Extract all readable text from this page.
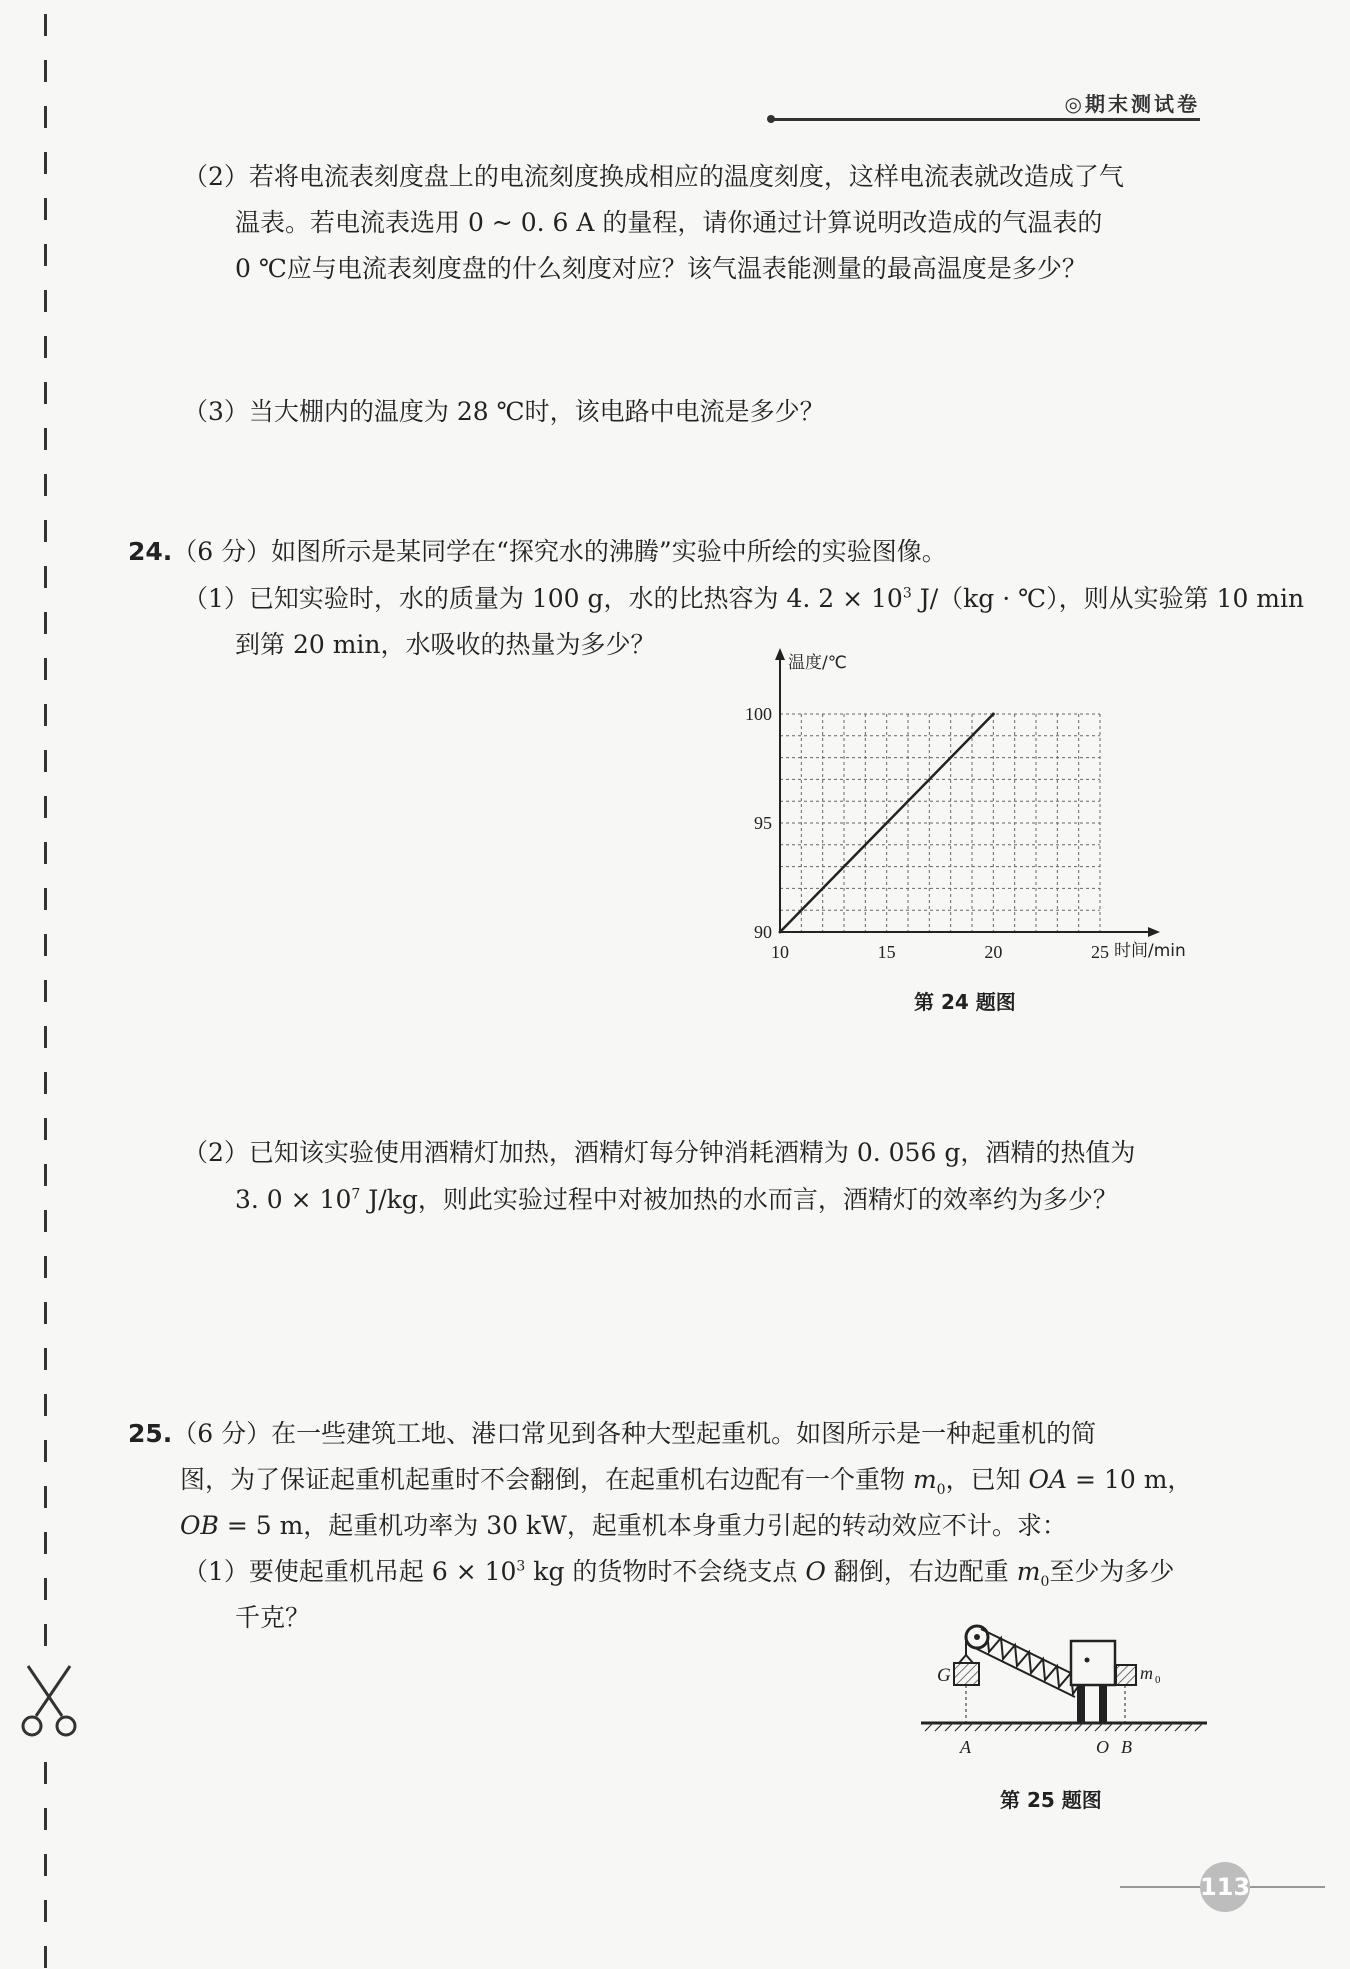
◎期末测试卷
（2）若将电流表刻度盘上的电流刻度换成相应的温度刻度，这样电流表就改造成了气
温表。若电流表选用 0 ~ 0. 6 A 的量程，请你通过计算说明改造成的气温表的
0 ℃应与电流表刻度盘的什么刻度对应？该气温表能测量的最高温度是多少？
（3）当大棚内的温度为 28 ℃时，该电路中电流是多少？
24.（6 分）如图所示是某同学在“探究水的沸腾”实验中所绘的实验图像。
（1）已知实验时，水的质量为 100 g，水的比热容为 4. $2 \times 10^3$ J/（kg · ℃），则从实验第 10 min
到第 20 min，水吸收的热量为多少？
10	15	20	25
90
95
100
温度/℃
时间/min
第 24 题图
（2）已知该实验使用酒精灯加热，酒精灯每分钟消耗酒精为 0. 056 g，酒精的热值为
3. $0 \times 10^7$ J/kg，则此实验过程中对被加热的水而言，酒精灯的效率约为多少？
25.（6 分）在一些建筑工地、港口常见到各种大型起重机。如图所示是一种起重机的简
图，为了保证起重机起重时不会翻倒，在起重机右边配有一个重物 $m_0$，已知 OA = 10 m，
OB = 5 m，起重机功率为 30 kW，起重机本身重力引起的转动效应不计。求：
（1）要使起重机吊起 $6 \times 10^3$ kg 的货物时不会绕支点 O 翻倒，右边配重 $m_0$至少为多少
千克？
G	m 0
A	O B
第 25 题图
113
